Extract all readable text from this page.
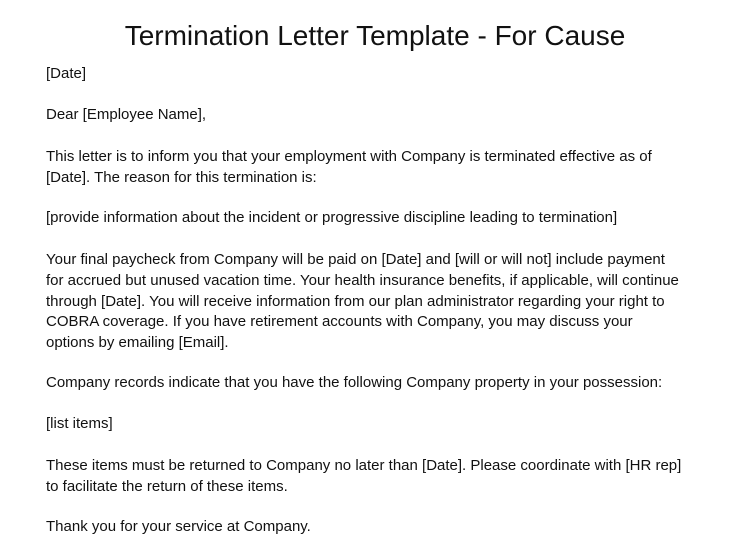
Termination Letter Template - For Cause
[Date]
Dear [Employee Name],
This letter is to inform you that your employment with Company is terminated effective as of
[Date]. The reason for this termination is:
[provide information about the incident or progressive discipline leading to termination]
Your final paycheck from Company will be paid on [Date] and [will or will not] include payment
for accrued but unused vacation time. Your health insurance benefits, if applicable, will continue
through [Date]. You will receive information from our plan administrator regarding your right to
COBRA coverage. If you have retirement accounts with Company, you may discuss your
options by emailing [Email].
Company records indicate that you have the following Company property in your possession:
[list items]
These items must be returned to Company no later than [Date]. Please coordinate with [HR rep]
to facilitate the return of these items.
Thank you for your service at Company.
